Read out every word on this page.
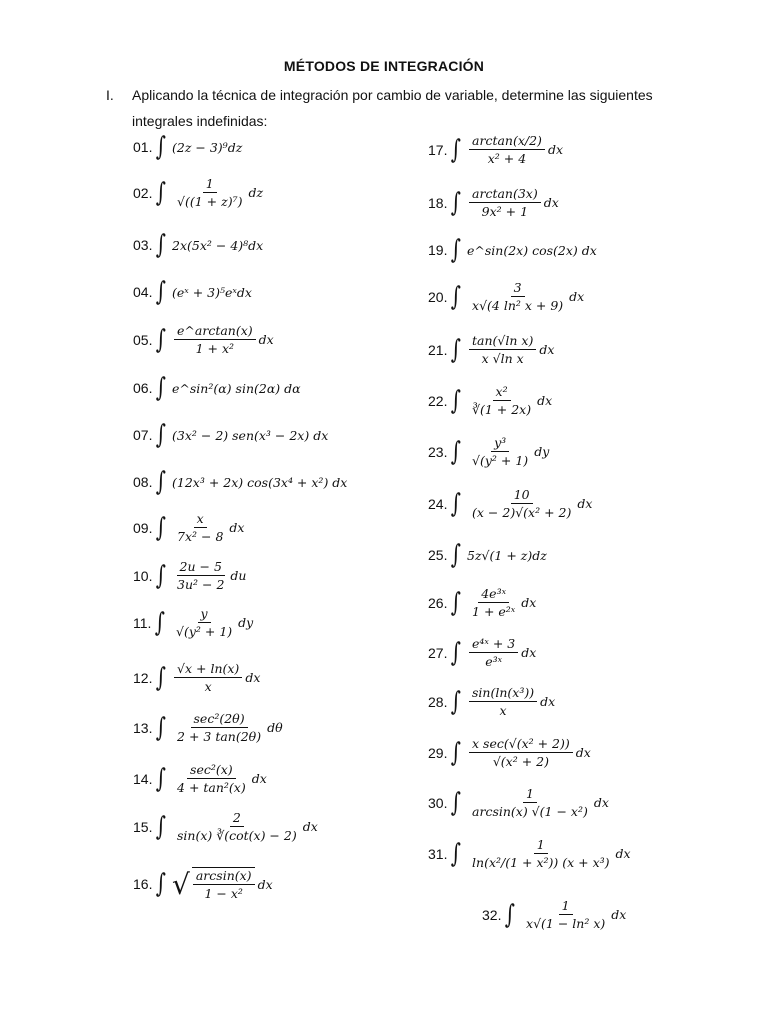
MÉTODOS DE INTEGRACIÓN
I. Aplicando la técnica de integración por cambio de variable, determine las siguientes integrales indefinidas:
01. ∫ (2z − 3)⁹dz
02. ∫ $\frac{1}{\text{√((1 + z)⁷)}}$ dz
03. ∫ 2x(5x² − 4)⁸dx
04. ∫ (eˣ + 3)⁵eˣdx
05. ∫ $\frac{e\^{}\arctan(x)}{\text{1 + x²}}$ dx
06. ∫ e^sin²(α) sin(2α) dα
07. ∫ (3x² − 2) sen(x³ − 2x) dx
08. ∫ (12x³ + 2x) cos(3x⁴ + x²) dx
09. ∫ $\frac{x}{\text{7x² − 8}}$ dx
10. ∫ $\frac{2u - 5}{\text{3u² − 2}}$ du
11. ∫ $\frac{y}{\text{√(y² + 1)}}$ dy
12. ∫ $\frac{√x + \ln(x)}{x}$ dx
13. ∫ $\frac{\text{sec²(2θ)}}{2 + 3 \tan(2\theta)}$ dθ
14. ∫ $\frac{\text{sec²(x)}}{\text{4 + tan²(x)}}$ dx
15. ∫ $\frac{2}{\sin(x) ∛(\cot(x) - 2)}$ dx
16. ∫ √ $\frac{\arcsin(x)}{\text{1 − x²}}$ dx
17. ∫ $\frac{\arctan(x/2)}{\text{x² + 4}}$ dx
18. ∫ $\frac{\arctan(3x)}{\text{9x² + 1}}$ dx
19. ∫ e^sin(2x) cos(2x) dx
20. ∫ $\frac{3}{\text{x√(4 ln² x + 9)}}$ dx
21. ∫ $\frac{\text{tan(√ln x)}}{\text{x √ln x}}$ dx
22. ∫ $\frac{\text{x²}}{∛(1 + 2x)}$ dx
23. ∫ $\frac{\text{y³}}{\text{√(y² + 1)}}$ dy
24. ∫ $\frac{10}{\text{(x − 2)√(x² + 2)}}$ dx
25. ∫ 5z√(1 + z)dz
26. ∫ $\frac{\text{4e³ˣ}}{\text{1 + e²ˣ}}$ dx
27. ∫ $\frac{\text{e⁴ˣ + 3}}{\text{e³ˣ}}$ dx
28. ∫ $\frac{\text{sin(ln(x³))}}{x}$ dx
29. ∫ $\frac{\text{x sec(√(x² + 2))}}{\text{√(x² + 2)}}$ dx
30. ∫ $\frac{1}{\text{arcsin(x) √(1 − x²)}}$ dx
31. ∫ $\frac{1}{\text{ln(x²/(1 + x²)) (x + x³)}}$ dx
32. ∫ $\frac{1}{\text{x√(1 − ln² x)}}$ dx
